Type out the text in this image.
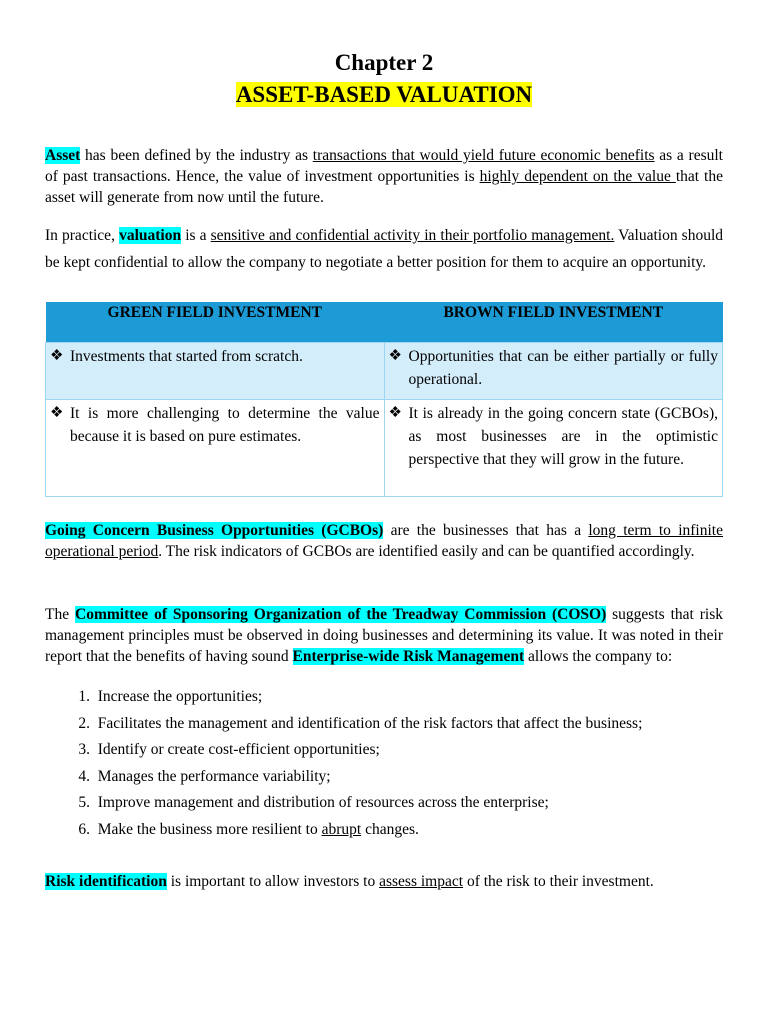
Chapter 2
ASSET-BASED VALUATION

Asset has been defined by the industry as transactions that would yield future economic benefits as a result of past transactions. Hence, the value of investment opportunities is highly dependent on the value that the asset will generate from now until the future.

In practice, valuation is a sensitive and confidential activity in their portfolio management. Valuation should be kept confidential to allow the company to negotiate a better position for them to acquire an opportunity.

GREEN FIELD INVESTMENT	BROWN FIELD INVESTMENT

❖ Investments that started from scratch.	❖ Opportunities that can be either partially or fully operational.

❖ It is more challenging to determine the value because it is based on pure estimates.	❖ It is already in the going concern state (GCBOs), as most businesses are in the optimistic perspective that they will grow in the future.

Going Concern Business Opportunities (GCBOs) are the businesses that has a long term to infinite operational period. The risk indicators of GCBOs are identified easily and can be quantified accordingly.

The Committee of Sponsoring Organization of the Treadway Commission (COSO) suggests that risk management principles must be observed in doing businesses and determining its value. It was noted in their report that the benefits of having sound Enterprise-wide Risk Management allows the company to:

1.
Increase the opportunities;
2.
Facilitates the management and identification of the risk factors that affect the business;
3.
Identify or create cost-efficient opportunities;
4.
Manages the performance variability;
5.
Improve management and distribution of resources across the enterprise;
6.
Make the business more resilient to abrupt changes.

Risk identification is important to allow investors to assess impact of the risk to their investment.
